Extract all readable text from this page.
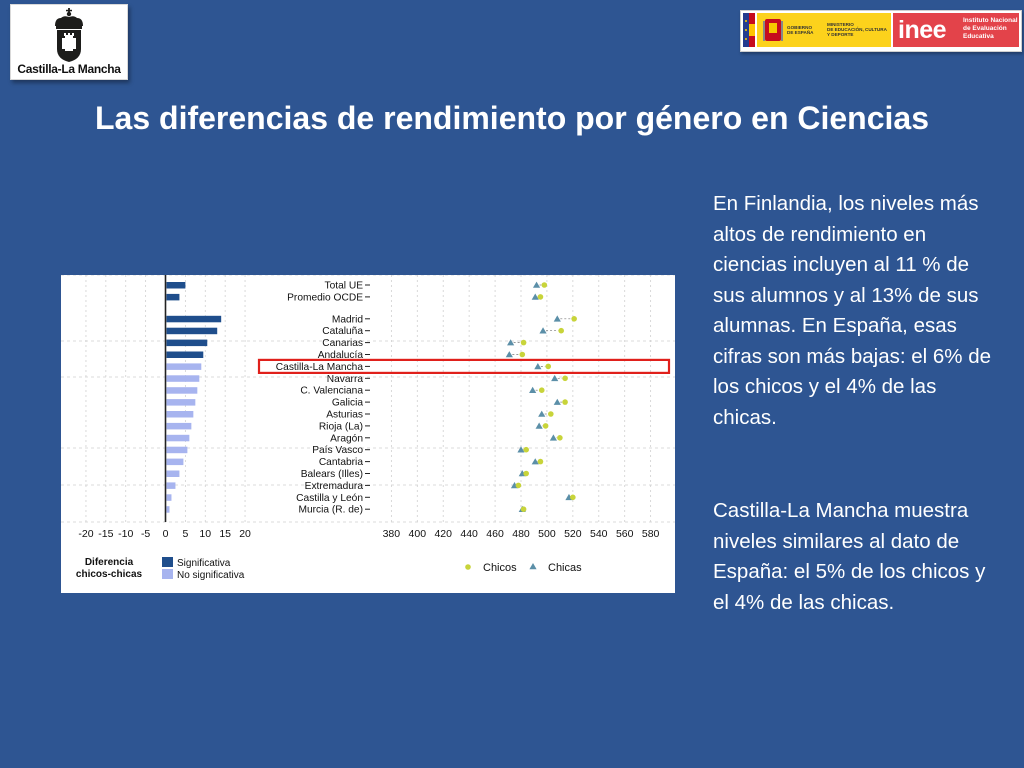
Castilla-La Mancha
GOBIERNO
DE ESPAÑA
MINISTERIO
DE EDUCACIÓN, CULTURA
Y DEPORTE	inee	Instituto Nacional
de Evaluación
Educativa
Las diferencias de rendimiento por género en Ciencias
Total UE
Promedio OCDE
Madrid
Cataluña
Canarias
Andalucía
Castilla-La Mancha
Navarra
C. Valenciana
Galicia
Asturias
Rioja (La)
Aragón
País Vasco
Cantabria
Balears (Illes)
Extremadura
Castilla y León
Murcia (R. de)
-20 -15 -10 -5 0 5 10 15 20	380 400 420 440 460 480 500 520 540 560 580
Diferencia
chicos-chicas
Significativa
No significativa
Chicos	Chicas

En Finlandia, los niveles más altos de rendimiento en ciencias incluyen al 11 % de sus alumnos y al 13% de sus alumnas. En España, esas cifras son más bajas: el 6% de los chicos y el 4% de las chicas.

Castilla-La Mancha muestra niveles similares al dato de España: el 5% de los chicos y el 4% de las chicas.
